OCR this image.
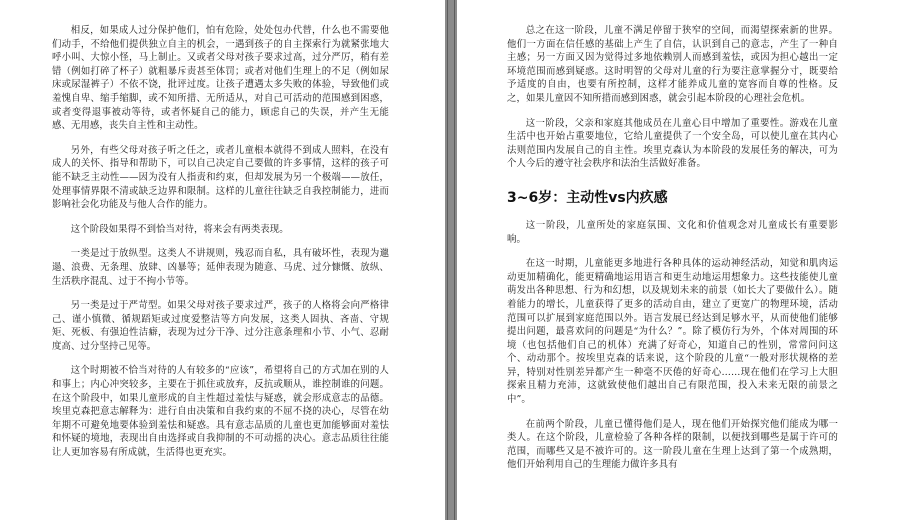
相反，如果成人过分保护他们，怕有危险，处处包办代替，什么也不需要他们动手，不给他们提供独立自主的机会，一遇到孩子的自主探索行为就紧张地大呼小叫、大惊小怪，马上制止。又或者父母对孩子要求过高，过分严厉，稍有差错（例如打碎了杯子）就粗暴斥责甚至体罚；或者对他们生理上的不足（例如尿床或尿湿裤子）不依不饶，批评过度。让孩子遭遇太多失败的体验，导致他们或羞愧自卑、缩手缩脚，或不知所措、无所适从，对自己可活动的范围感到困惑，或者变得退事被动等待，或者怀疑自己的能力，顾虑自己的失误，并产生无能感、无用感，丧失自主性和主动性。

另外，有些父母对孩子听之任之，或者儿童根本就得不到成人照料，在没有成人的关怀、指导和帮助下，可以自己决定自己要做的许多事情，这样的孩子可能不缺乏主动性——因为没有人指责和约束，但却发展为另一个极端——放任，处理事情界限不清或缺乏边界和限制。这样的儿童往往缺乏自我控制能力，进而影响社会化功能及与他人合作的能力。

这个阶段如果得不到恰当对待，将来会有两类表现。

一类是过于放纵型。这类人不讲规则，残忍而自私，具有破坏性，表现为邋遢、浪费、无条理、放肆、凶暴等；延伸表现为随意、马虎、过分慷慨、放纵、生活秩序混乱、过于不拘小节等。

另一类是过于严苛型。如果父母对孩子要求过严，孩子的人格将会向严格律己、谨小慎微、循规蹈矩或过度爱整洁等方向发展，这类人固执、吝啬、守规矩、死板、有强迫性洁癖，表现为过分干净、过分注意条理和小节、小气、忍耐度高、过分坚持己见等。

这个时期被不恰当对待的人有较多的“应该”，希望将自己的方式加在别的人和事上；内心冲突较多，主要在于抓住或放弃，反抗或顺从，谁控制谁的问题。在这个阶段中，如果儿童形成的自主性超过羞怯与疑惑，就会形成意志的品德。埃里克森把意志解释为：进行自由决策和自我约束的不屈不挠的决心，尽管在幼年期不可避免地要体验到羞怯和疑惑。具有意志品质的儿童也更加能够面对羞怯和怀疑的境地，表现出自由选择或自我抑制的不可动摇的决心。意志品质往往能让人更加容易有所成就，生活得也更充实。

总之在这一阶段，儿童不满足停留于狭窄的空间，而渴望探索新的世界。他们一方面在信任感的基础上产生了自信，认识到自己的意志，产生了一种自主感；另一方面又因为觉得过多地依赖别人而感到羞怯，或因为担心越出一定环境范围而感到疑惑。这时明智的父母对儿童的行为要注意掌握分寸，既要给予适度的自由，也要有所控制，这样才能养成儿童的宽容而自尊的性格。反之，如果儿童因不知所措而感到困惑，就会引起本阶段的心理社会危机。

这一阶段，父亲和家庭其他成员在儿童心目中增加了重要性。游戏在儿童生活中也开始占重要地位，它给儿童提供了一个安全岛，可以使儿童在其内心法则范围内发展自己的自主性。埃里克森认为本阶段的发展任务的解决，可为个人今后的遵守社会秩序和法治生活做好准备。

3~6岁：主动性vs内疚感

这一阶段，儿童所处的家庭氛围、文化和价值观念对儿童成长有重要影响。

在这一时期，儿童能更多地进行各种具体的运动神经活动，知觉和肌肉运动更加精确化，能更精确地运用语言和更生动地运用想象力。这些技能使儿童萌发出各种思想、行为和幻想，以及规划未来的前景（如长大了要做什么）。随着能力的增长，儿童获得了更多的活动自由，建立了更宽广的物理环境，活动范围可以扩展到家庭范围以外。语言发展已经达到足够水平，从而使他们能够提出问题，最喜欢问的问题是“为什么？”。除了模仿行为外，个体对周围的环境（也包括他们自己的机体）充满了好奇心，知道自己的性别，常常问问这个、动动那个。按埃里克森的话来说，这个阶段的儿童“一般对形状规格的差异，特别对性别差异都产生一种毫不厌倦的好奇心……现在他们在学习上大胆探索且精力充沛，这就致使他们越出自己有限范围，投入未来无限的前景之中”。

在前两个阶段，儿童已懂得他们是人，现在他们开始探究他们能成为哪一类人。在这个阶段，儿童检验了各种各样的限制，以便找到哪些是属于许可的范围，而哪些又是不被许可的。这一阶段儿童在生理上达到了第一个成熟期，他们开始利用自己的生理能力做许多具有
